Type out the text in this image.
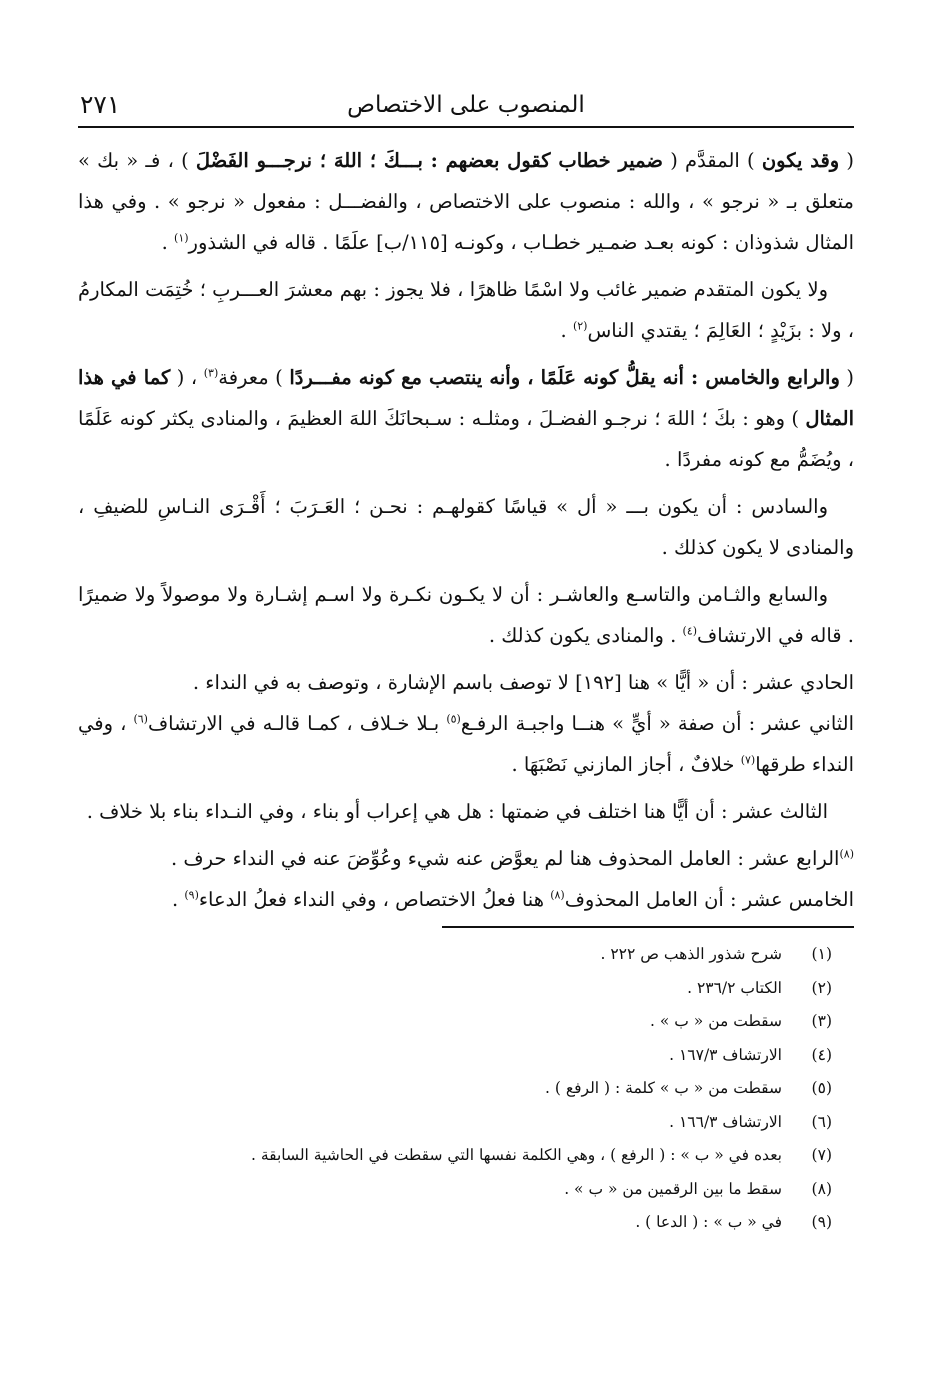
المنصوب على الاختصاص
٢٧١

( وقد يكون ) المقدَّم ( ضمير خطاب كقول بعضهم : بـــكَ ؛ اللهَ ؛ نرجـــو الفَضْلَ ) ، فـ « بك » متعلق بـ « نرجو » ، والله : منصوب على الاختصاص ، والفضـــل : مفعول « نرجو » . وفي هذا المثال شذوذان : كونه بعـد ضمـير خطـاب ، وكونـه [١١٥/ب] علَمًا . قاله في الشذور$^{(١)}$ .

ولا يكون المتقدم ضمير غائب ولا اسْمًا ظاهرًا ، فلا يجوز : بهم معشرَ العـــربِ ؛ خُتِمَت المكارمُ ، ولا : بزَيْدٍ ؛ العَالِمَ ؛ يقتدي الناس$^{(٢)}$ .

( والرابع والخامس : أنه يقلُّ كونه عَلَمًا ، وأنه ينتصب مع كونه مفـــردًا ) معرفة$^{(٣)}$ ، ( كما في هذا المثال ) وهو : بكَ ؛ اللهَ ؛ نرجـو الفضـلَ ، ومثلـه : سـبحانَكَ اللهَ العظيمَ ، والمنادى يكثر كونه عَلَمًا ، ويُضَمُّ مع كونه مفردًا .

والسادس : أن يكون بـــ « أل » قياسًا كقولهـم : نحـن ؛ العَـرَبَ ؛ أَقْـرَى النـاسِ للضيفِ ، والمنادى لا يكون كذلك .

والسابع والثـامن والتاسـع والعاشـر : أن لا يكـون نكـرة ولا اسـم إشـارة ولا موصولاً ولا ضميرًا . قاله في الارتشاف$^{(٤)}$ . والمنادى يكون كذلك .

الحادي عشر : أن « أيًّا » هنا [١٩٢] لا توصف باسم الإشارة ، وتوصف به في النداء .

الثاني عشر : أن صفة « أيٍّ » هنــا واجبـة الرفـع$^{(٥)}$ بـلا خـلاف ، كمـا قالـه في الارتشاف$^{(٦)}$ ، وفي النداء طرقها$^{(٧)}$ خلافٌ ، أجاز المازني نَصْبَهَا .

الثالث عشر : أن أيًّا هنا اختلف في ضمتها : هل هي إعراب أو بناء ، وفي النـداء بناء بلا خلاف .

$^{(٨)}$الرابع عشر : العامل المحذوف هنا لم يعوَّض عنه شيء وعُوِّضَ عنه في النداء حرف .

الخامس عشر : أن العامل المحذوف$^{(٨)}$ هنا فعلُ الاختصاص ، وفي النداء فعلُ الدعاء$^{(٩)}$ .

(١)
شرح شذور الذهب ص ٢٢٢ .
(٢)
الكتاب ٢٣٦/٢ .
(٣)
سقطت من « ب » .
(٤)
الارتشاف ١٦٧/٣ .
(٥)
سقطت من « ب » كلمة : ( الرفع ) .
(٦)
الارتشاف ١٦٦/٣ .
(٧)
بعده في « ب » : ( الرفع ) ، وهي الكلمة نفسها التي سقطت في الحاشية السابقة .
(٨)
سقط ما بين الرقمين من « ب » .
(٩)
في « ب » : ( الدعا ) .
